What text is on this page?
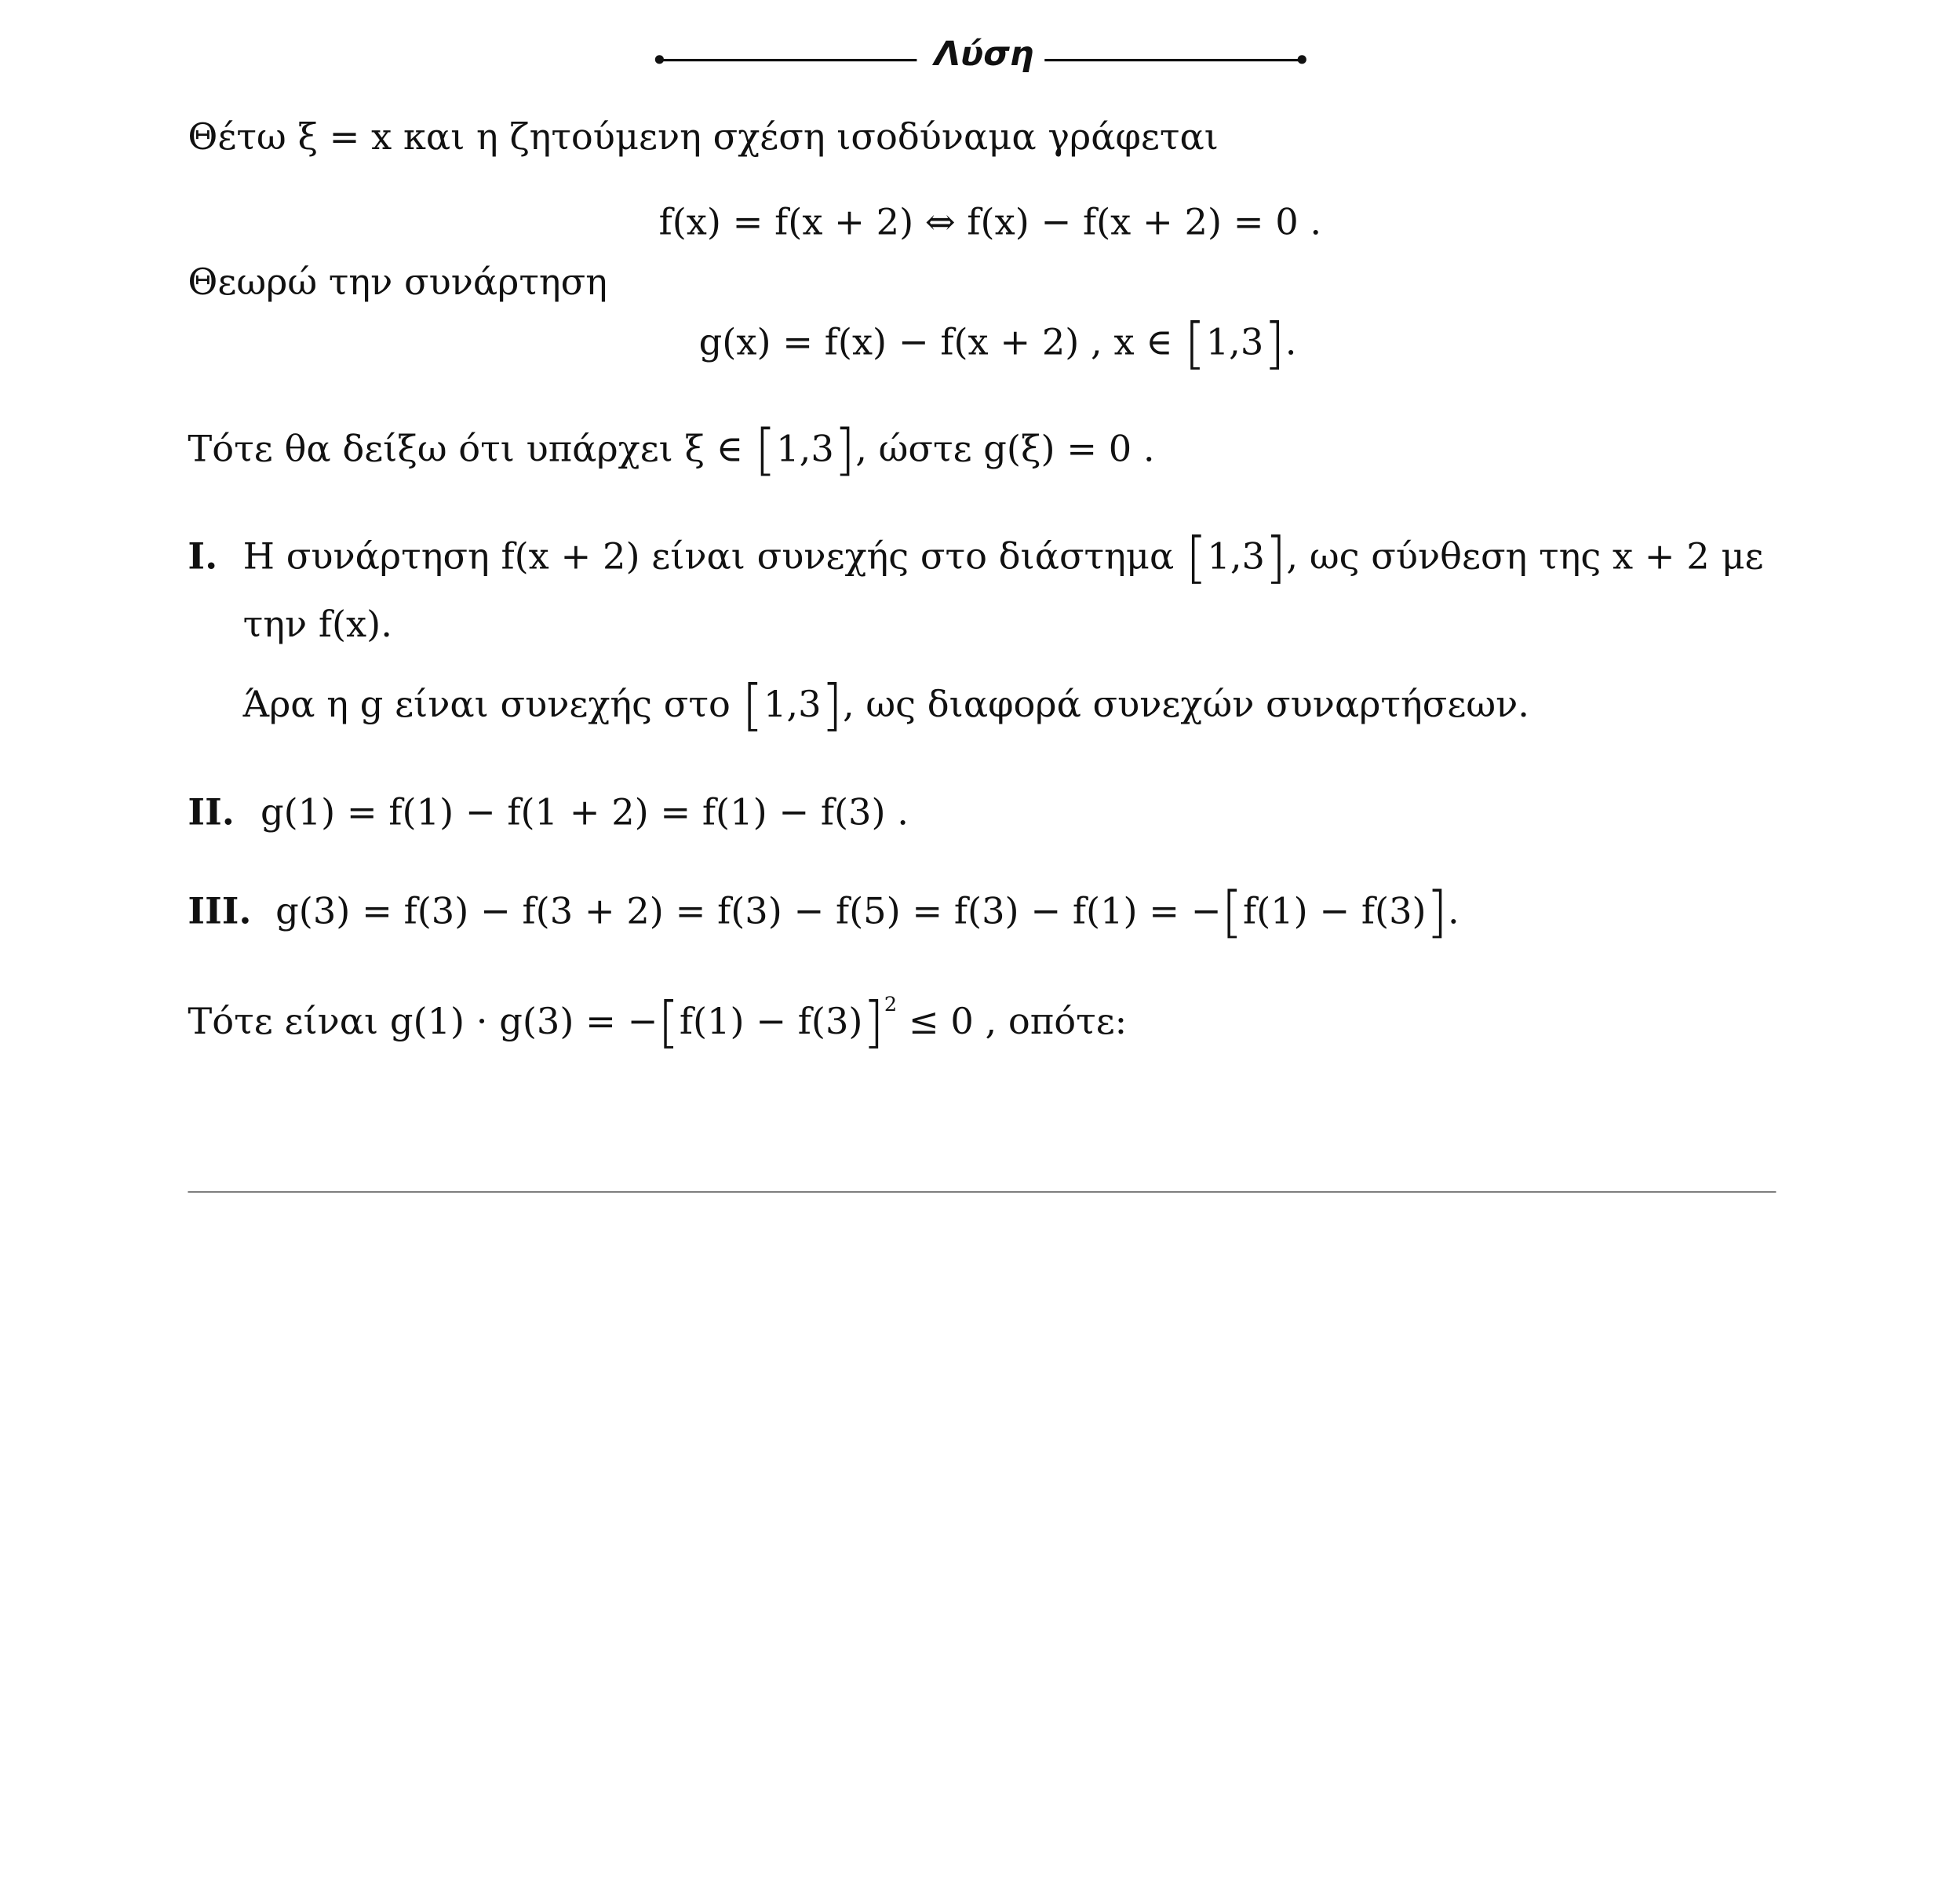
Λύση
Θέτω ξ = x και η ζητούμενη σχέση ισοδύναμα γράφεται
f(x) = f(x + 2) ⇔ f(x) − f(x + 2) = 0 .
Θεωρώ την συνάρτηση
g(x) = f(x) − f(x + 2) , x ∈ [1,3].
Τότε θα δείξω ότι υπάρχει ξ ∈ [1,3], ώστε g(ξ) = 0 .
I. Η συνάρτηση f(x + 2) είναι συνεχής στο διάστημα [1,3], ως σύνθεση της x + 2 με
την f(x).
Άρα η g είναι συνεχής στο [1,3], ως διαφορά συνεχών συναρτήσεων.
II. g(1) = f(1) − f(1 + 2) = f(1) − f(3) .
III. g(3) = f(3) − f(3 + 2) = f(3) − f(5) = f(3) − f(1) = −[f(1) − f(3)].
Τότε είναι $g(1) \cdot g(3) = -[f(1) - f(3)]^2 \le 0$ , οπότε:
